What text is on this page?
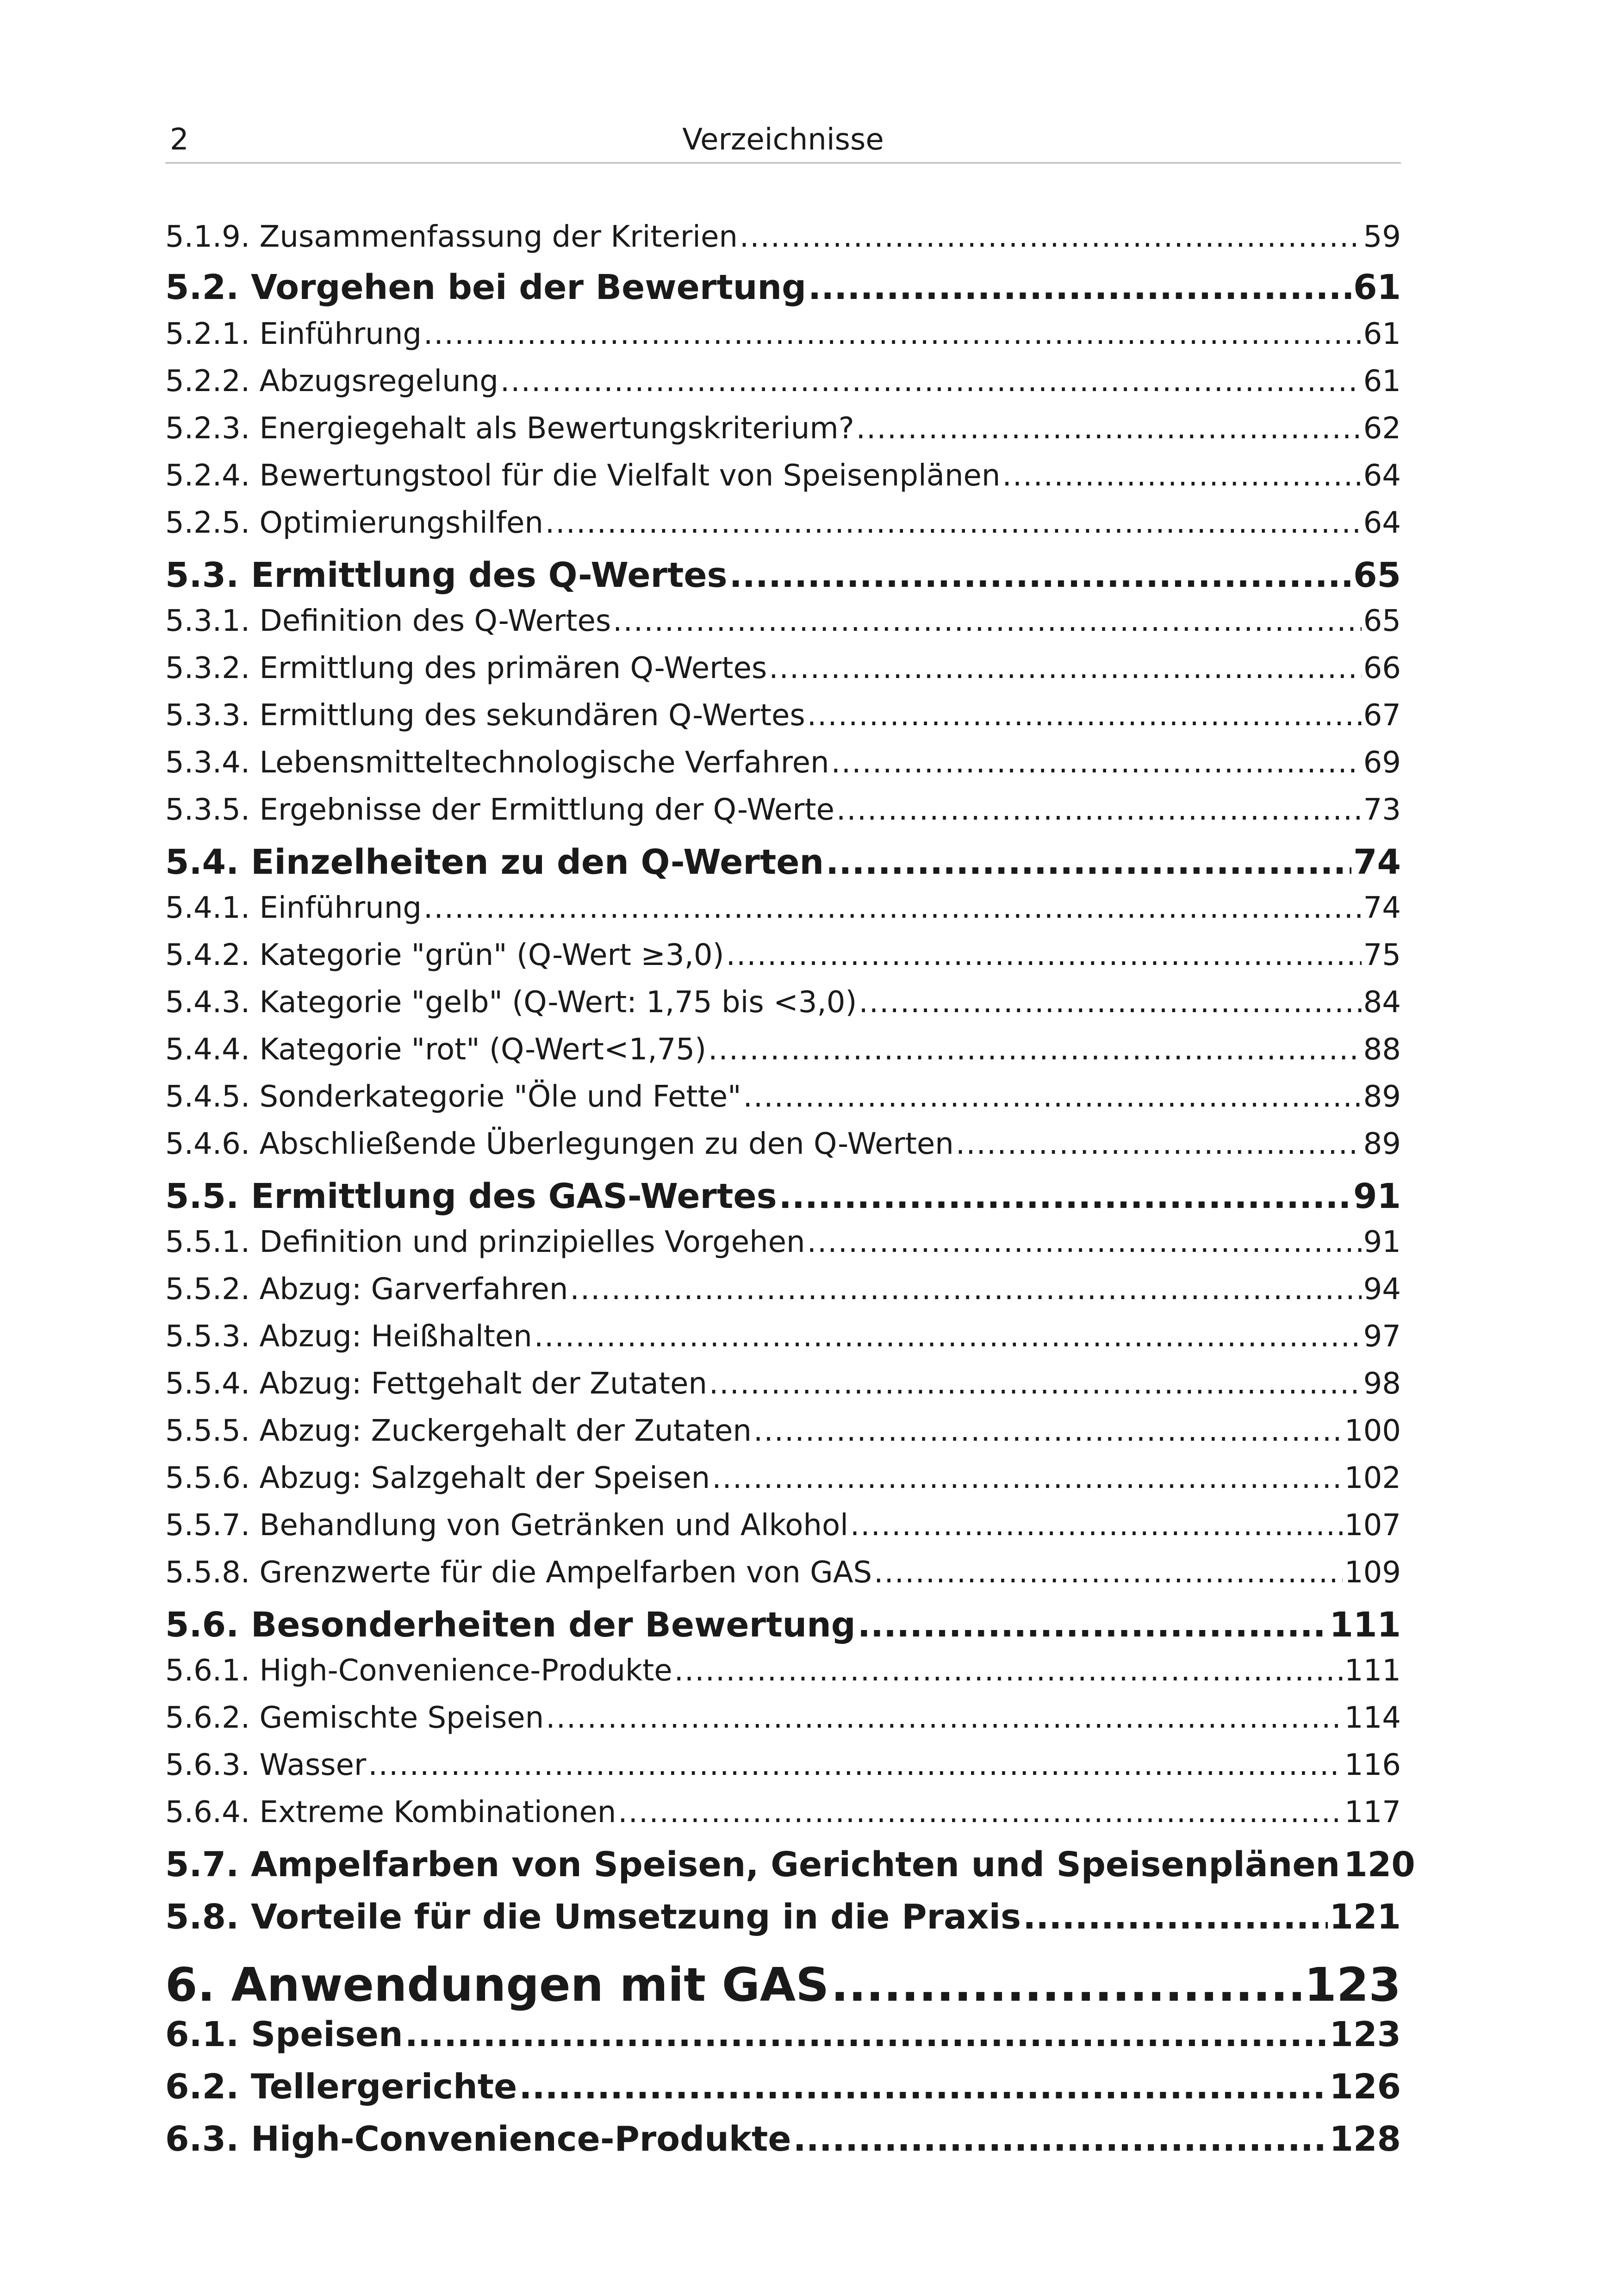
2	Verzeichnisse
5.1.9. Zusammenfassung der Kriterien .....	59
5.2. Vorgehen bei der Bewertung .....	61
5.2.1. Einführung .....	61
5.2.2. Abzugsregelung .....	61
5.2.3. Energiegehalt als Bewertungskriterium? .....	62
5.2.4. Bewertungstool für die Vielfalt von Speisenplänen .....	64
5.2.5. Optimierungshilfen .....	64
5.3. Ermittlung des Q-Wertes .....	65
5.3.1. Definition des Q-Wertes .....	65
5.3.2. Ermittlung des primären Q-Wertes .....	66
5.3.3. Ermittlung des sekundären Q-Wertes .....	67
5.3.4. Lebensmitteltechnologische Verfahren .....	69
5.3.5. Ergebnisse der Ermittlung der Q-Werte .....	73
5.4. Einzelheiten zu den Q-Werten .....	74
5.4.1. Einführung .....	74
5.4.2. Kategorie "grün" (Q-Wert ≥3,0) .....	75
5.4.3. Kategorie "gelb" (Q-Wert: 1,75 bis <3,0) .....	84
5.4.4. Kategorie "rot" (Q-Wert<1,75) .....	88
5.4.5. Sonderkategorie "Öle und Fette" .....	89
5.4.6. Abschließende Überlegungen zu den Q-Werten .....	89
5.5. Ermittlung des GAS-Wertes .....	91
5.5.1. Definition und prinzipielles Vorgehen .....	91
5.5.2. Abzug: Garverfahren .....	94
5.5.3. Abzug: Heißhalten .....	97
5.5.4. Abzug: Fettgehalt der Zutaten .....	98
5.5.5. Abzug: Zuckergehalt der Zutaten .....	100
5.5.6. Abzug: Salzgehalt der Speisen .....	102
5.5.7. Behandlung von Getränken und Alkohol .....	107
5.5.8. Grenzwerte für die Ampelfarben von GAS .....	109
5.6. Besonderheiten der Bewertung .....	111
5.6.1. High-Convenience-Produkte .....	111
5.6.2. Gemischte Speisen .....	114
5.6.3. Wasser .....	116
5.6.4. Extreme Kombinationen .....	117
5.7. Ampelfarben von Speisen, Gerichten und Speisenplänen 120
5.8. Vorteile für die Umsetzung in die Praxis .....	121
6. Anwendungen mit GAS .....	123
6.1. Speisen .....	123
6.2. Tellergerichte .....	126
6.3. High-Convenience-Produkte .....	128
